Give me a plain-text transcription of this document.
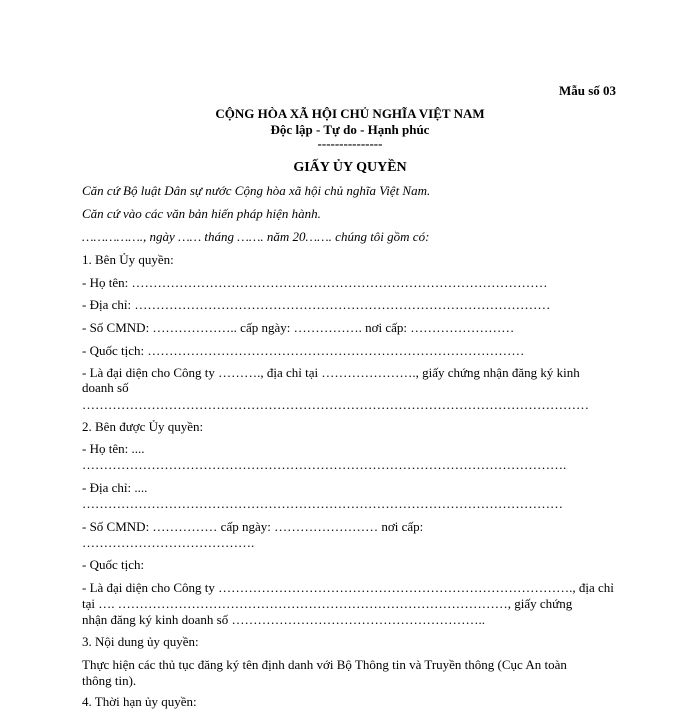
Mẫu số 03
CỘNG HÒA XÃ HỘI CHỦ NGHĨA VIỆT NAM
Độc lập - Tự do - Hạnh phúc
---------------
GIẤY ỦY QUYỀN
Căn cứ Bộ luật Dân sự nước Cộng hòa xã hội chủ nghĩa Việt Nam.
Căn cứ vào các văn bản hiến pháp hiện hành.
……………., ngày …… tháng ……. năm 20……. chúng tôi gồm có:
1. Bên Ủy quyền:
- Họ tên: ……………………………………………………………………………………
- Địa chỉ: ……………………………………………………………………………………
- Số CMND: ……………….. cấp ngày: ……………. nơi cấp: ……………………
- Quốc tịch: ……………………………………………………………………………
- Là đại diện cho Công ty ………., địa chỉ tại …………………., giấy chứng nhận đăng ký kinh
doanh số
………………………………………………………………………………………………………
2. Bên được Ủy quyền:
- Họ tên: ....
………………………………………………………………………………………………….
- Địa chỉ: ....
…………………………………………………………………………………………………
- Số CMND: …………… cấp ngày: …………………… nơi cấp:
………………………………….
- Quốc tịch:
- Là đại diện cho Công ty ………………………………………………………………………., địa chỉ
tại …. ………………………………………………………………………………, giấy chứng
nhận đăng ký kinh doanh số …………………………………………………..
3. Nội dung ủy quyền:
Thực hiện các thủ tục đăng ký tên định danh với Bộ Thông tin và Truyền thông (Cục An toàn
thông tin).
4. Thời hạn ủy quyền:
